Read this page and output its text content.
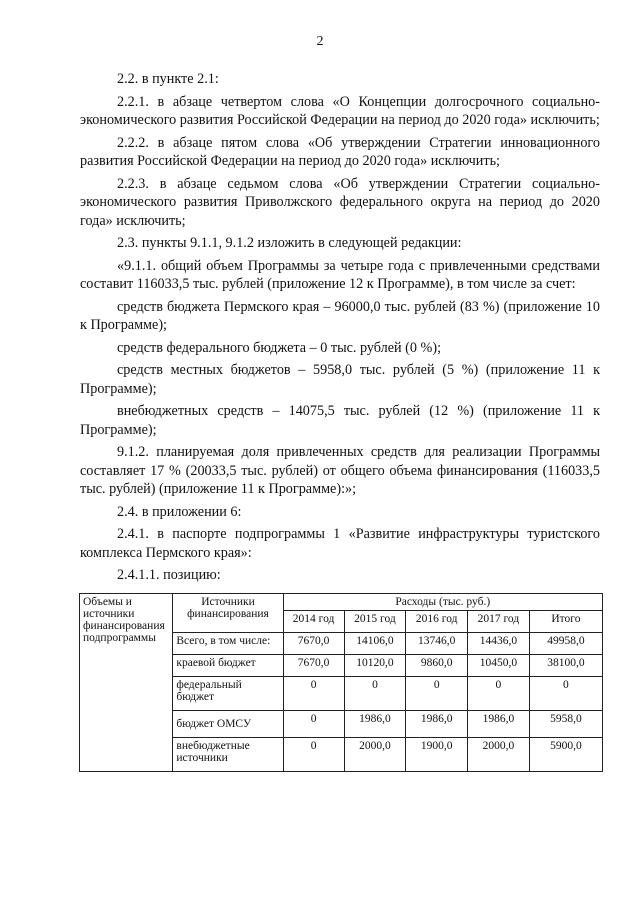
2

2.2. в пункте 2.1:

2.2.1. в абзаце четвертом слова «О Концепции долгосрочного социально-экономического развития Российской Федерации на период до 2020 года» исключить;

2.2.2. в абзаце пятом слова «Об утверждении Стратегии инновационного развития Российской Федерации на период до 2020 года» исключить;

2.2.3. в абзаце седьмом слова «Об утверждении Стратегии социально-экономического развития Приволжского федерального округа на период до 2020 года» исключить;

2.3. пункты 9.1.1, 9.1.2 изложить в следующей редакции:

«9.1.1. общий объем Программы за четыре года с привлеченными средствами составит 116033,5 тыс. рублей (приложение 12 к Программе), в том числе за счет:

средств бюджета Пермского края – 96000,0 тыс. рублей (83 %) (приложение 10 к Программе);

средств федерального бюджета – 0 тыс. рублей (0 %);

средств местных бюджетов – 5958,0 тыс. рублей (5 %) (приложение 11 к Программе);

внебюджетных средств – 14075,5 тыс. рублей (12 %) (приложение 11 к Программе);

9.1.2. планируемая доля привлеченных средств для реализации Программы составляет 17 % (20033,5 тыс. рублей) от общего объема финансирования (116033,5 тыс. рублей) (приложение 11 к Программе):»;

2.4. в приложении 6:

2.4.1. в паспорте подпрограммы 1 «Развитие инфраструктуры туристского комплекса Пермского края»:

2.4.1.1. позицию:

Объемы и источники финансирования подпрограммы	Источники финансирования	Расходы (тыс. руб.)				
		2014 год	2015 год	2016 год	2017 год	Итого
	Всего, в том числе:	7670,0	14106,0	13746,0	14436,0	49958,0
	краевой бюджет	7670,0	10120,0	9860,0	10450,0	38100,0
	федеральный бюджет	0	0	0	0	0
	бюджет ОМСУ	0	1986,0	1986,0	1986,0	5958,0
	внебюджетные источники	0	2000,0	1900,0	2000,0	5900,0
